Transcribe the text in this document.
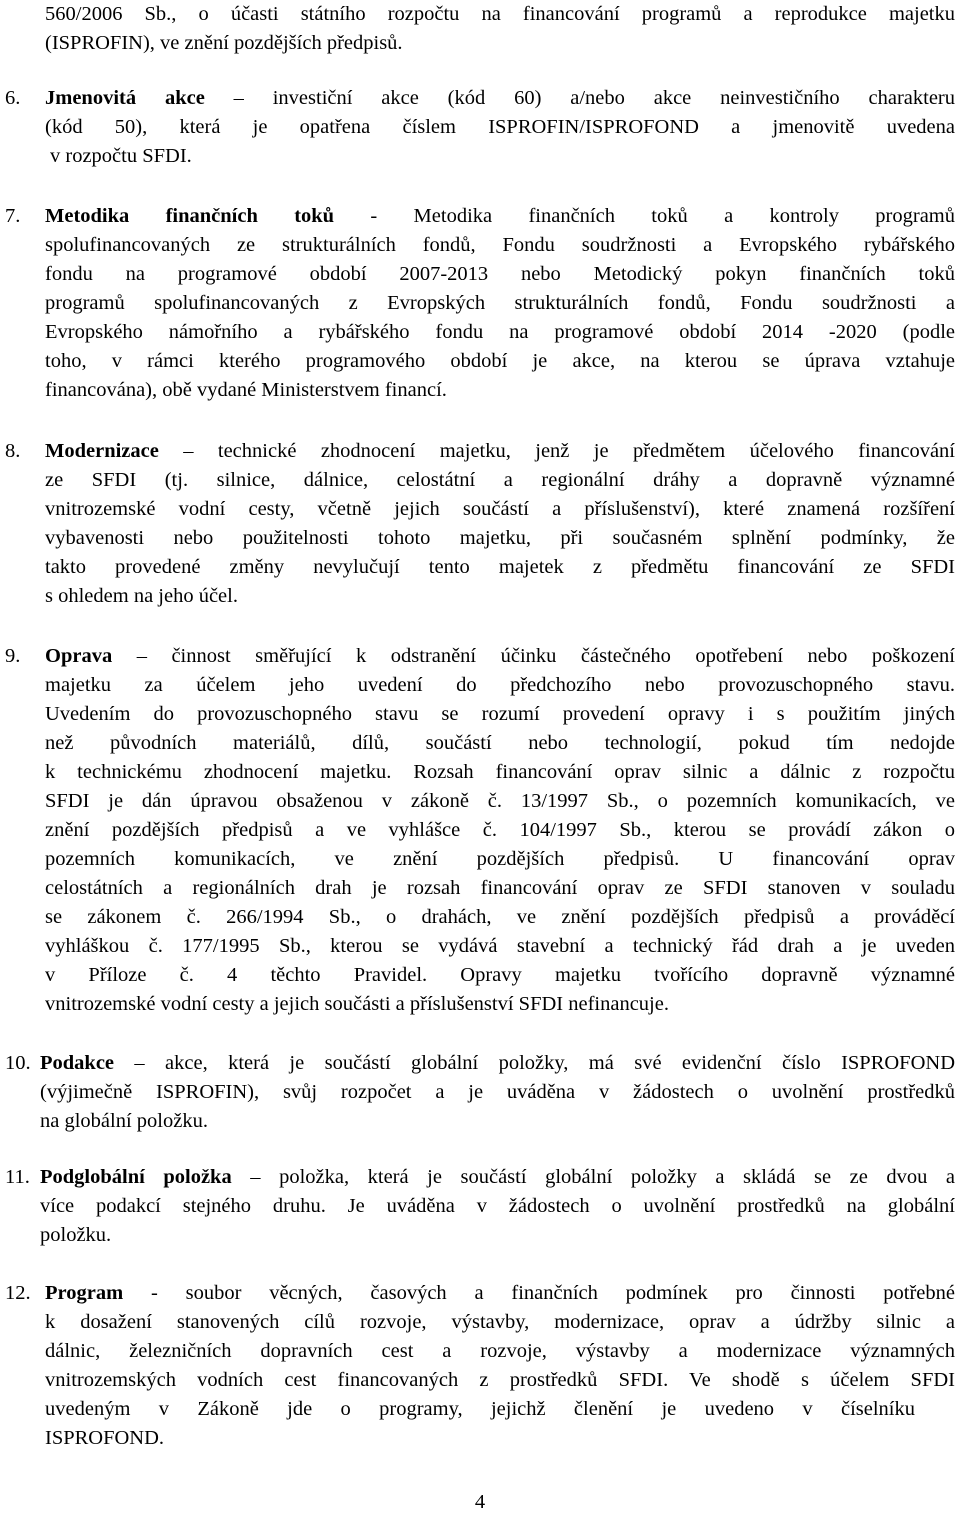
560/2006 Sb., o účasti státního rozpočtu na financování programů a reprodukce majetku
(ISPROFIN), ve znění pozdějších předpisů.
6. Jmenovitá akce – investiční akce (kód 60) a/nebo akce neinvestičního charakteru
(kód 50), která je opatřena číslem ISPROFIN/ISPROFOND a jmenovitě uvedena
v rozpočtu SFDI.
7. Metodika finančních toků - Metodika finančních toků a kontroly programů
spolufinancovaných ze strukturálních fondů, Fondu soudržnosti a Evropského rybářského
fondu na programové období 2007-2013 nebo Metodický pokyn finančních toků
programů spolufinancovaných z Evropských strukturálních fondů, Fondu soudržnosti a
Evropského námořního a rybářského fondu na programové období 2014 -2020 (podle
toho, v rámci kterého programového období je akce, na kterou se úprava vztahuje
financována), obě vydané Ministerstvem financí.
8. Modernizace – technické zhodnocení majetku, jenž je předmětem účelového financování
ze SFDI (tj. silnice, dálnice, celostátní a regionální dráhy a dopravně významné
vnitrozemské vodní cesty, včetně jejich součástí a příslušenství), které znamená rozšíření
vybavenosti nebo použitelnosti tohoto majetku, při současném splnění podmínky, že
takto provedené změny nevylučují tento majetek z předmětu financování ze SFDI
s ohledem na jeho účel.
9. Oprava – činnost směřující k odstranění účinku částečného opotřebení nebo poškození
majetku za účelem jeho uvedení do předchozího nebo provozuschopného stavu.
Uvedením do provozuschopného stavu se rozumí provedení opravy i s použitím jiných
než původních materiálů, dílů, součástí nebo technologií, pokud tím nedojde
k technickému zhodnocení majetku. Rozsah financování oprav silnic a dálnic z rozpočtu
SFDI je dán úpravou obsaženou v zákoně č. 13/1997 Sb., o pozemních komunikacích, ve
znění pozdějších předpisů a ve vyhlášce č. 104/1997 Sb., kterou se provádí zákon o
pozemních komunikacích, ve znění pozdějších předpisů. U financování oprav
celostátních a regionálních drah je rozsah financování oprav ze SFDI stanoven v souladu
se zákonem č. 266/1994 Sb., o drahách, ve znění pozdějších předpisů a prováděcí
vyhláškou č. 177/1995 Sb., kterou se vydává stavební a technický řád drah a je uveden
v Příloze č. 4 těchto Pravidel. Opravy majetku tvořícího dopravně významné
vnitrozemské vodní cesty a jejich součásti a příslušenství SFDI nefinancuje.
10. Podakce – akce, která je součástí globální položky, má své evidenční číslo ISPROFOND
(výjimečně ISPROFIN), svůj rozpočet a je uváděna v žádostech o uvolnění prostředků
na globální položku.
11. Podglobální položka – položka, která je součástí globální položky a skládá se ze dvou a
více podakcí stejného druhu. Je uváděna v žádostech o uvolnění prostředků na globální
položku.
12. Program - soubor věcných, časových a finančních podmínek pro činnosti potřebné
k dosažení stanovených cílů rozvoje, výstavby, modernizace, oprav a údržby silnic a
dálnic, železničních dopravních cest a rozvoje, výstavby a modernizace významných
vnitrozemských vodních cest financovaných z prostředků SFDI. Ve shodě s účelem SFDI
uvedeným v Zákoně jde o programy, jejichž členění je uvedeno v číselníku
ISPROFOND.
4
